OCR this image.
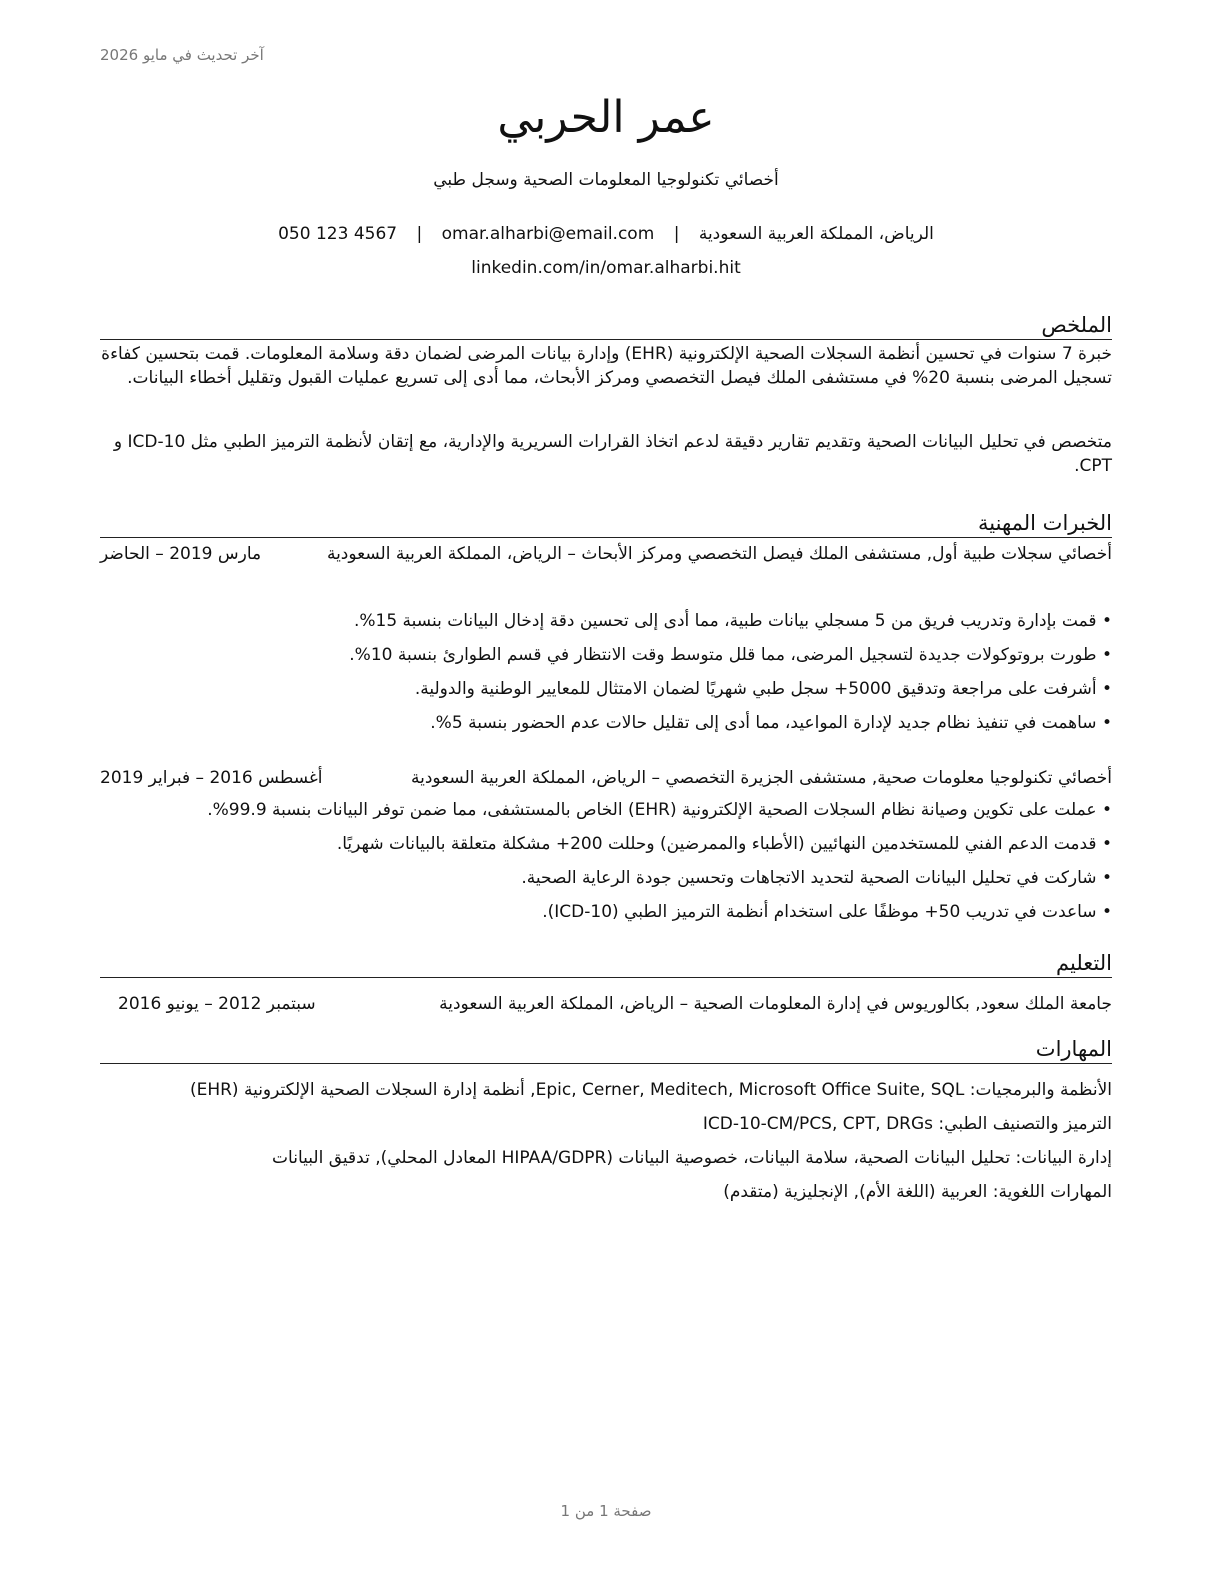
آخر تحديث في مايو 2026
عمر الحربي
أخصائي تكنولوجيا المعلومات الصحية وسجل طبي
الرياض، المملكة العربية السعودية | omar.alharbi@email.com | 050 123 4567
linkedin.com/in/omar.alharbi.hit
الملخص

خبرة 7 سنوات في تحسين أنظمة السجلات الصحية الإلكترونية (EHR) وإدارة بيانات المرضى لضمان دقة وسلامة المعلومات. قمت بتحسين كفاءة تسجيل المرضى بنسبة 20% في مستشفى الملك فيصل التخصصي ومركز الأبحاث، مما أدى إلى تسريع عمليات القبول وتقليل أخطاء البيانات.

متخصص في تحليل البيانات الصحية وتقديم تقارير دقيقة لدعم اتخاذ القرارات السريرية والإدارية، مع إتقان لأنظمة الترميز الطبي مثل ICD-10 و CPT.

الخبرات المهنية
أخصائي سجلات طبية أول, مستشفى الملك فيصل التخصصي ومركز الأبحاث – الرياض، المملكة العربية السعودية
مارس 2019 – الحاضر
• قمت بإدارة وتدريب فريق من 5 مسجلي بيانات طبية، مما أدى إلى تحسين دقة إدخال البيانات بنسبة 15%.
• طورت بروتوكولات جديدة لتسجيل المرضى، مما قلل متوسط وقت الانتظار في قسم الطوارئ بنسبة 10%.
• أشرفت على مراجعة وتدقيق 5000+ سجل طبي شهريًا لضمان الامتثال للمعايير الوطنية والدولية.
• ساهمت في تنفيذ نظام جديد لإدارة المواعيد، مما أدى إلى تقليل حالات عدم الحضور بنسبة 5%.
أخصائي تكنولوجيا معلومات صحية, مستشفى الجزيرة التخصصي – الرياض، المملكة العربية السعودية
أغسطس 2016 – فبراير 2019
• عملت على تكوين وصيانة نظام السجلات الصحية الإلكترونية (EHR) الخاص بالمستشفى، مما ضمن توفر البيانات بنسبة 99.9%.
• قدمت الدعم الفني للمستخدمين النهائيين (الأطباء والممرضين) وحللت 200+ مشكلة متعلقة بالبيانات شهريًا.
• شاركت في تحليل البيانات الصحية لتحديد الاتجاهات وتحسين جودة الرعاية الصحية.
• ساعدت في تدريب 50+ موظفًا على استخدام أنظمة الترميز الطبي (ICD-10).
التعليم
جامعة الملك سعود, بكالوريوس في إدارة المعلومات الصحية – الرياض، المملكة العربية السعودية
سبتمبر 2012 – يونيو 2016
المهارات
الأنظمة والبرمجيات: Epic, Cerner, Meditech, Microsoft Office Suite, SQL, أنظمة إدارة السجلات الصحية الإلكترونية (EHR)
الترميز والتصنيف الطبي: ICD-10-CM/PCS, CPT, DRGs
إدارة البيانات: تحليل البيانات الصحية، سلامة البيانات، خصوصية البيانات (HIPAA/GDPR المعادل المحلي), تدقيق البيانات
المهارات اللغوية: العربية (اللغة الأم), الإنجليزية (متقدم)
صفحة 1 من 1
